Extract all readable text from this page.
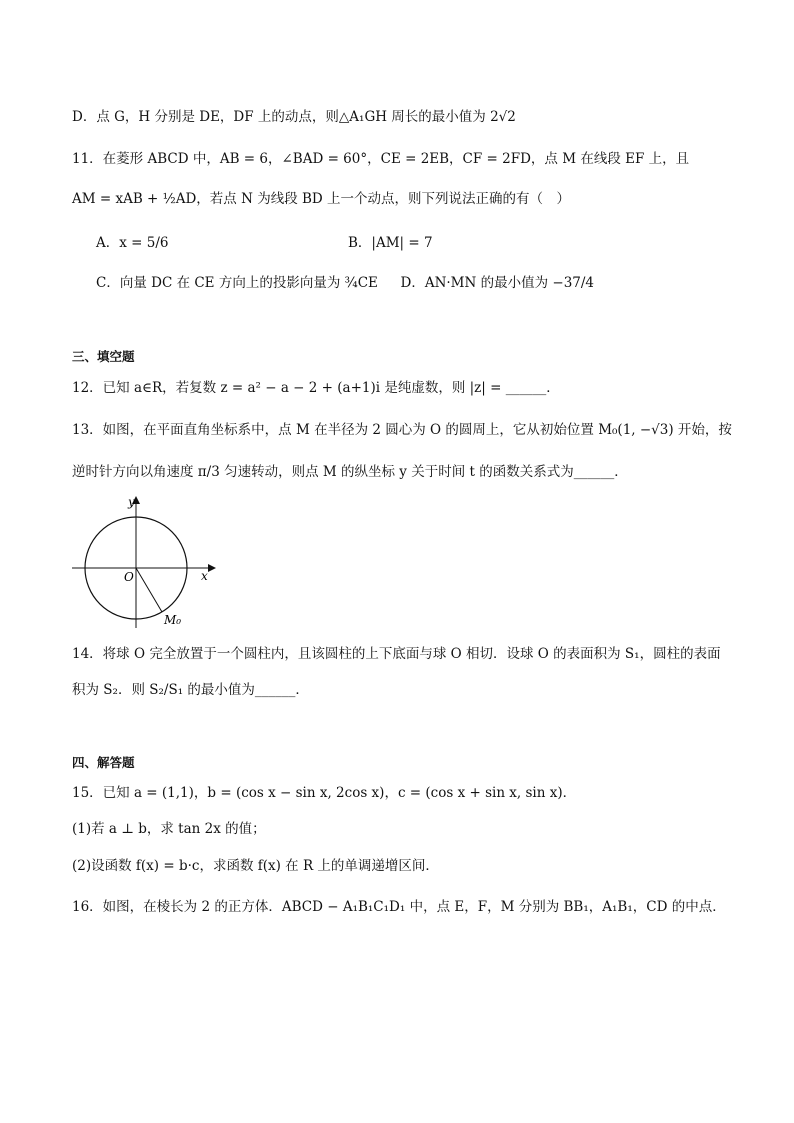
D．点 G，H 分别是 DE，DF 上的动点，则△A₁GH 周长的最小值为 2√2
11．在菱形 ABCD 中，AB = 6，∠BAD = 60°，CE = 2EB，CF = 2FD，点 M 在线段 EF 上，且
AM = xAB + ½AD，若点 N 为线段 BD 上一个动点，则下列说法正确的有（　）
A．x = 5/6	B．|AM| = 7
C．向量 DC 在 CE 方向上的投影向量为 ¾CE D．AN·MN 的最小值为 −37/4
三、填空题
12．已知 a∈R，若复数 z = a² − a − 2 + (a+1)i 是纯虚数，则 |z| = ______．
13．如图，在平面直角坐标系中，点 M 在半径为 2 圆心为 O 的圆周上，它从初始位置 M₀(1, −√3) 开始，按
逆时针方向以角速度 π/3 匀速转动，则点 M 的纵坐标 y 关于时间 t 的函数关系式为______．
y
x
O
M₀
14．将球 O 完全放置于一个圆柱内，且该圆柱的上下底面与球 O 相切．设球 O 的表面积为 S₁，圆柱的表面
积为 S₂．则 S₂/S₁ 的最小值为______．
四、解答题
15．已知 a = (1,1)，b = (cos x − sin x, 2cos x)，c = (cos x + sin x, sin x)．
(1)若 a ⊥ b，求 tan 2x 的值；
(2)设函数 f(x) = b·c，求函数 f(x) 在 R 上的单调递增区间．
16．如图，在棱长为 2 的正方体．ABCD − A₁B₁C₁D₁ 中，点 E，F，M 分别为 BB₁，A₁B₁，CD 的中点．
